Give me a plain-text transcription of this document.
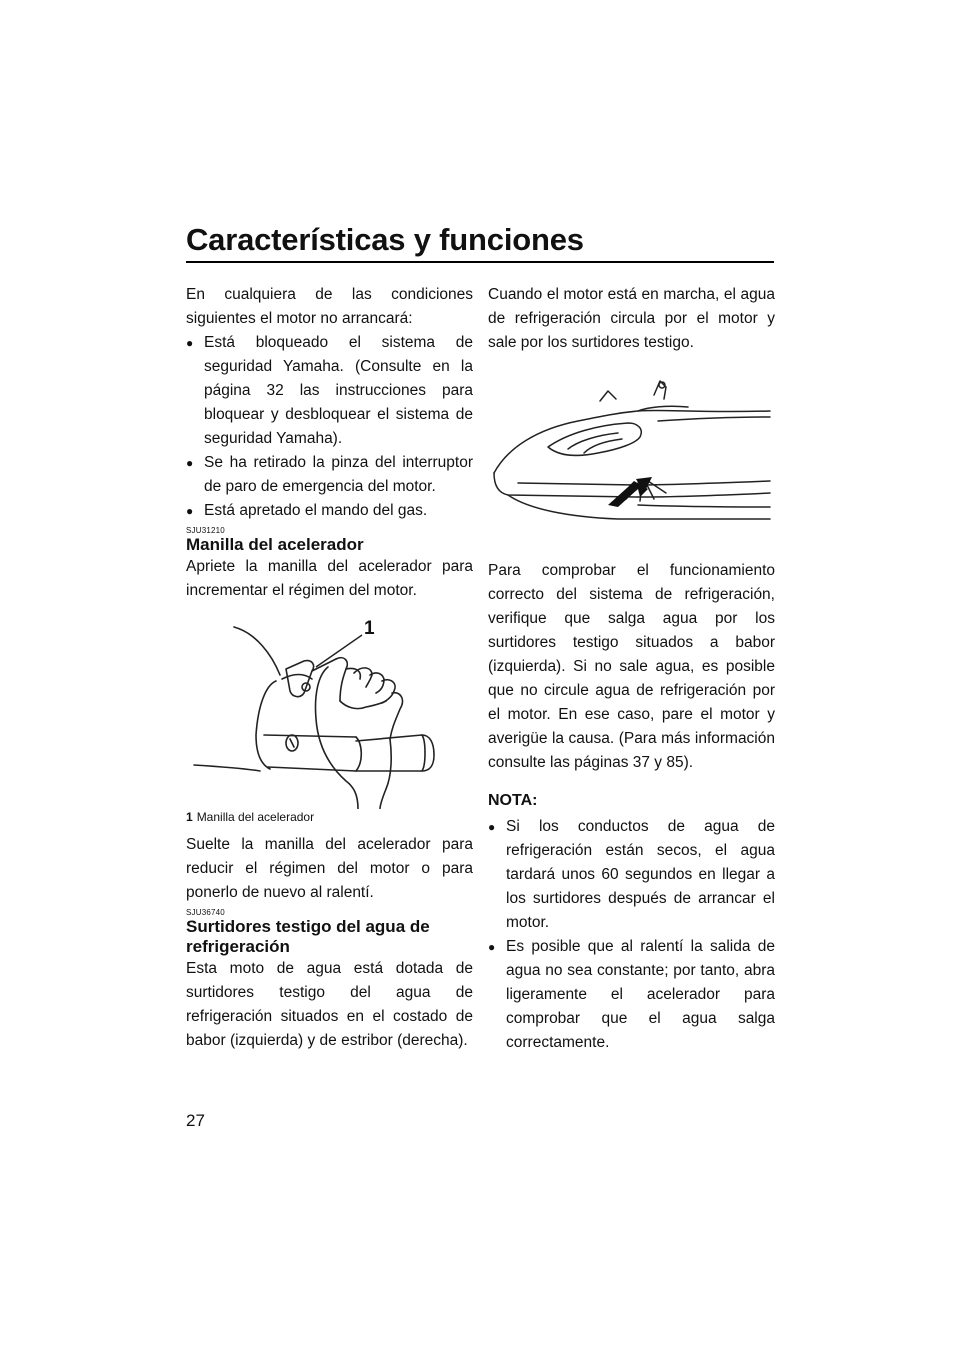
Características y funciones

En cualquiera de las condiciones siguientes el motor no arrancará:

● Está bloqueado el sistema de seguridad Yamaha. (Consulte en la página 32 las instrucciones para bloquear y desbloquear el sistema de seguridad Yamaha).
● Se ha retirado la pinza del interruptor de paro de emergencia del motor.
● Está apretado el mando del gas.
SJU31210
Manilla del acelerador

Apriete la manilla del acelerador para incrementar el régimen del motor.

1
1 Manilla del acelerador

Suelte la manilla del acelerador para reducir el régimen del motor o para ponerlo de nuevo al ralentí.

SJU36740
Surtidores testigo del agua de refrigeración

Esta moto de agua está dotada de surtidores testigo del agua de refrigeración situados en el costado de babor (izquierda) y de estribor (derecha).

Cuando el motor está en marcha, el agua de refrigeración circula por el motor y sale por los surtidores testigo.

Para comprobar el funcionamiento correcto del sistema de refrigeración, verifique que salga agua por los surtidores testigo situados a babor (izquierda). Si no sale agua, es posible que no circule agua de refrigeración por el motor. En ese caso, pare el motor y averigüe la causa. (Para más información consulte las páginas 37 y 85).

NOTA:
● Si los conductos de agua de refrigeración están secos, el agua tardará unos 60 segundos en llegar a los surtidores después de arrancar el motor.
● Es posible que al ralentí la salida de agua no sea constante; por tanto, abra ligeramente el acelerador para comprobar que el agua salga correctamente.
27
